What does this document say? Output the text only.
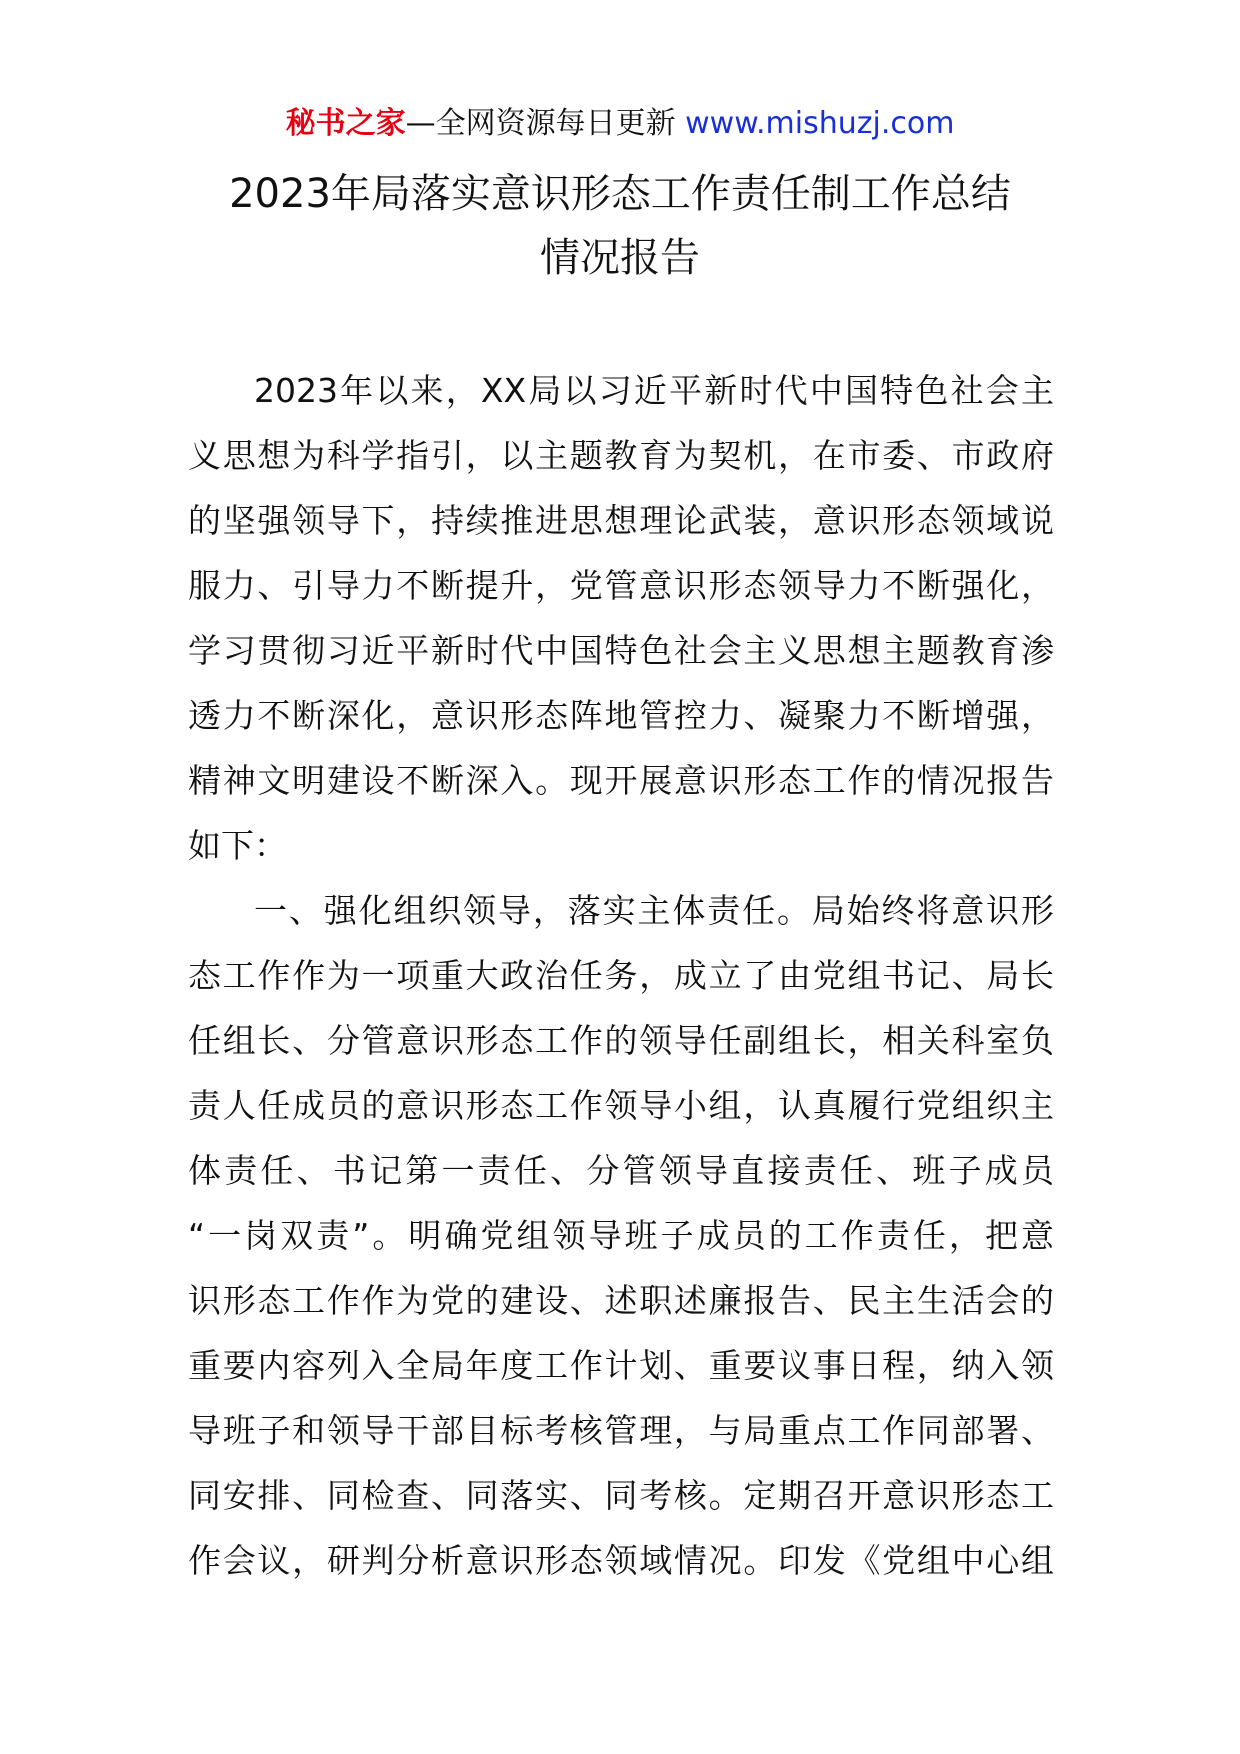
秘书之家—全网资源每日更新 www.mishuzj.com
2023年局落实意识形态工作责任制工作总结
情况报告
2023年以来，XX局以习近平新时代中国特色社会主
义思想为科学指引，以主题教育为契机，在市委、市政府
的坚强领导下，持续推进思想理论武装，意识形态领域说
服力、引导力不断提升，党管意识形态领导力不断强化，
学习贯彻习近平新时代中国特色社会主义思想主题教育渗
透力不断深化，意识形态阵地管控力、凝聚力不断增强，
精神文明建设不断深入。现开展意识形态工作的情况报告
如下：
一、强化组织领导，落实主体责任。局始终将意识形
态工作作为一项重大政治任务，成立了由党组书记、局长
任组长、分管意识形态工作的领导任副组长，相关科室负
责人任成员的意识形态工作领导小组，认真履行党组织主
体责任、书记第一责任、分管领导直接责任、班子成员
“一岗双责”。明确党组领导班子成员的工作责任，把意
识形态工作作为党的建设、述职述廉报告、民主生活会的
重要内容列入全局年度工作计划、重要议事日程，纳入领
导班子和领导干部目标考核管理，与局重点工作同部署、
同安排、同检查、同落实、同考核。定期召开意识形态工
作会议，研判分析意识形态领域情况。印发《党组中心组
